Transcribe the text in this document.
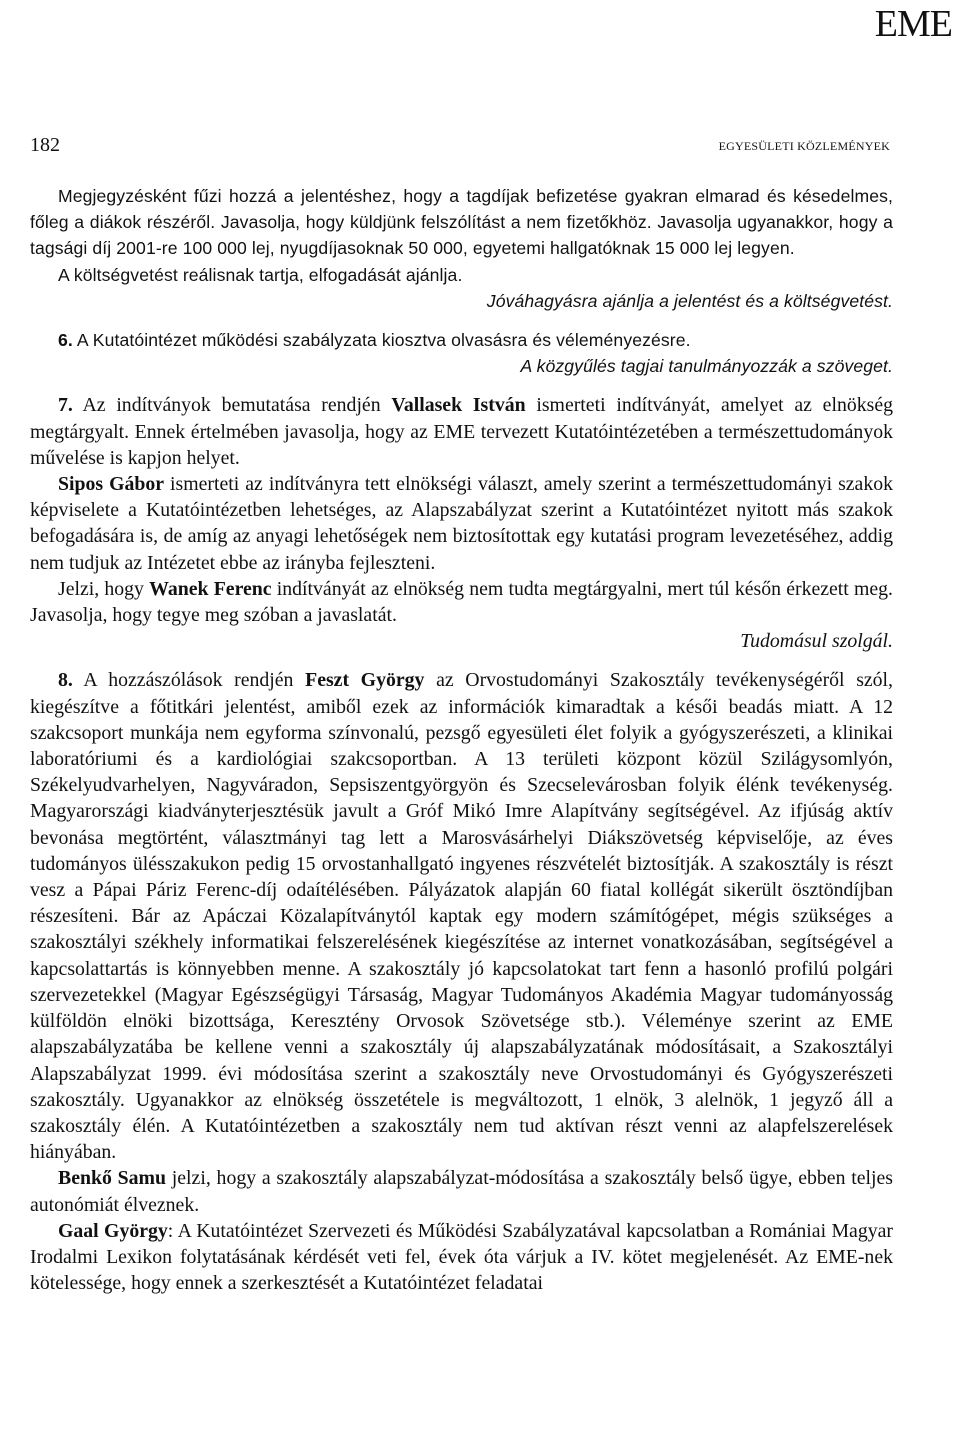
EME
182	EGYESÜLETI KÖZLEMÉNYEK

Megjegyzésként fűzi hozzá a jelentéshez, hogy a tagdíjak befizetése gyakran elmarad és késedelmes, főleg a diákok részéről. Javasolja, hogy küldjünk felszólítást a nem fizetőkhöz. Javasolja ugyanakkor, hogy a tagsági díj 2001-re 100 000 lej, nyugdíjasoknak 50 000, egyetemi hallgatóknak 15 000 lej legyen.

A költségvetést reálisnak tartja, elfogadását ajánlja.

Jóváhagyásra ajánlja a jelentést és a költségvetést.

6. A Kutatóintézet működési szabályzata kiosztva olvasásra és véleményezésre.

A közgyűlés tagjai tanulmányozzák a szöveget.

7. Az indítványok bemutatása rendjén Vallasek István ismerteti indítványát, amelyet az elnökség megtárgyalt. Ennek értelmében javasolja, hogy az EME tervezett Kutatóintézetében a természettudományok művelése is kapjon helyet.

Sipos Gábor ismerteti az indítványra tett elnökségi választ, amely szerint a természettudományi szakok képviselete a Kutatóintézetben lehetséges, az Alapszabályzat szerint a Kutatóintézet nyitott más szakok befogadására is, de amíg az anyagi lehetőségek nem biztosítottak egy kutatási program levezetéséhez, addig nem tudjuk az Intézetet ebbe az irányba fejleszteni.

Jelzi, hogy Wanek Ferenc indítványát az elnökség nem tudta megtárgyalni, mert túl későn érkezett meg. Javasolja, hogy tegye meg szóban a javaslatát.

Tudomásul szolgál.

8. A hozzászólások rendjén Feszt György az Orvostudományi Szakosztály tevékenységéről szól, kiegészítve a főtitkári jelentést, amiből ezek az információk kimaradtak a késői beadás miatt. A 12 szakcsoport munkája nem egyforma színvonalú, pezsgő egyesületi élet folyik a gyógyszerészeti, a klinikai laboratóriumi és a kardiológiai szakcsoportban. A 13 területi központ közül Szilágysomlyón, Székelyudvarhelyen, Nagyváradon, Sepsiszentgyörgyön és Szecselevárosban folyik élénk tevékenység. Magyarországi kiadványterjesztésük javult a Gróf Mikó Imre Alapítvány segítségével. Az ifjúság aktív bevonása megtörtént, választmányi tag lett a Marosvásárhelyi Diákszövetség képviselője, az éves tudományos ülésszakukon pedig 15 orvostanhallgató ingyenes részvételét biztosítják. A szakosztály is részt vesz a Pápai Páriz Ferenc-díj odaítélésében. Pályázatok alapján 60 fiatal kollégát sikerült ösztöndíjban részesíteni. Bár az Apáczai Közalapítványtól kaptak egy modern számítógépet, mégis szükséges a szakosztályi székhely informatikai felszerelésének kiegészítése az internet vonatkozásában, segítségével a kapcsolattartás is könnyebben menne. A szakosztály jó kapcsolatokat tart fenn a hasonló profilú polgári szervezetekkel (Magyar Egészségügyi Társaság, Magyar Tudományos Akadémia Magyar tudományosság külföldön elnöki bizottsága, Keresztény Orvosok Szövetsége stb.). Véleménye szerint az EME alapszabályzatába be kellene venni a szakosztály új alapszabályzatának módosításait, a Szakosztályi Alapszabályzat 1999. évi módosítása szerint a szakosztály neve Orvostudományi és Gyógyszerészeti szakosztály. Ugyanakkor az elnökség összetétele is megváltozott, 1 elnök, 3 alelnök, 1 jegyző áll a szakosztály élén. A Kutatóintézetben a szakosztály nem tud aktívan részt venni az alapfelszerelések hiányában.

Benkő Samu jelzi, hogy a szakosztály alapszabályzat-módosítása a szakosztály belső ügye, ebben teljes autonómiát élveznek.

Gaal György: A Kutatóintézet Szervezeti és Működési Szabályzatával kapcsolatban a Romániai Magyar Irodalmi Lexikon folytatásának kérdését veti fel, évek óta várjuk a IV. kötet megjelenését. Az EME-nek kötelessége, hogy ennek a szerkesztését a Kutatóintézet feladatai
